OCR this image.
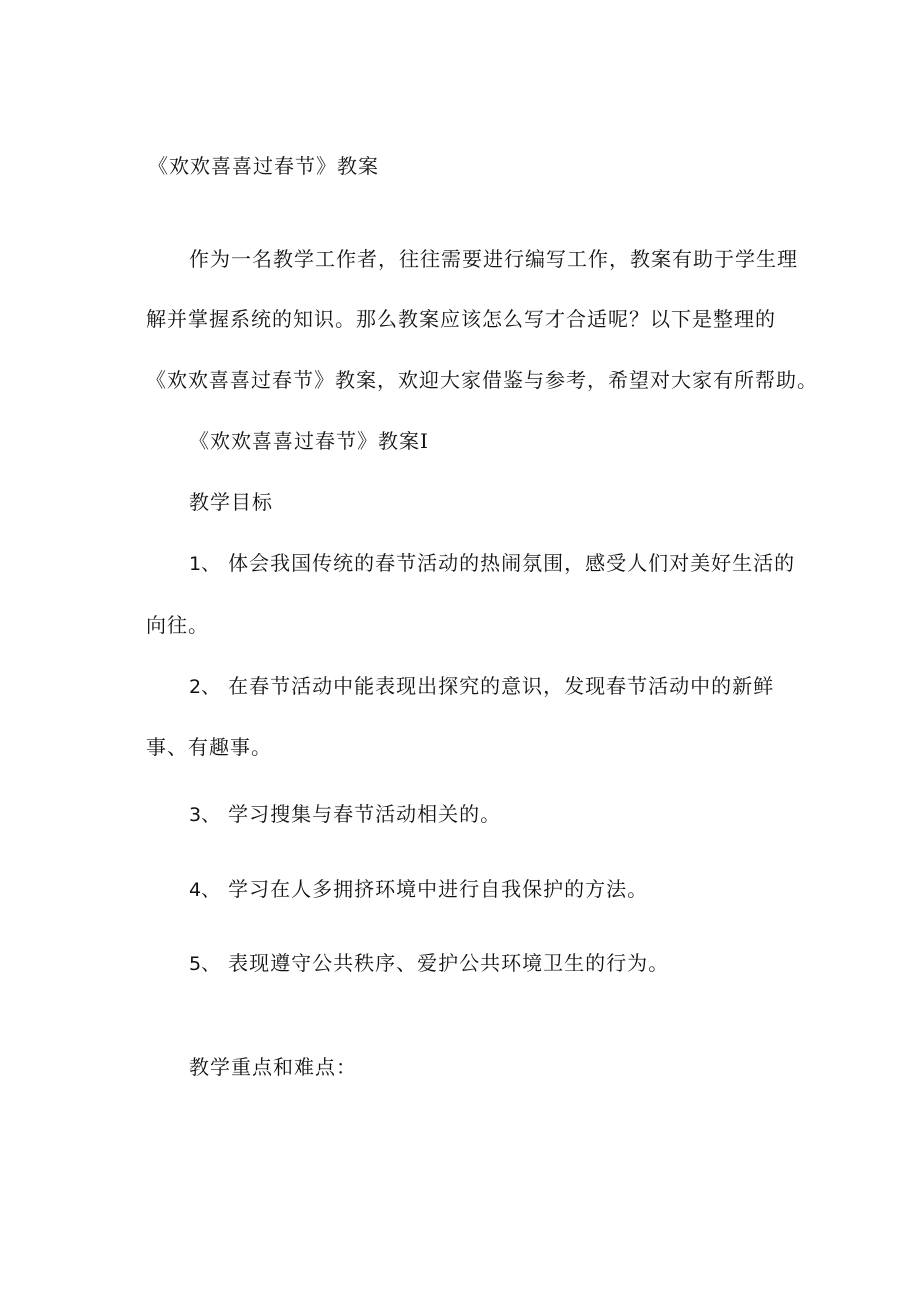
《欢欢喜喜过春节》教案
作为一名教学工作者，往往需要进行编写工作，教案有助于学生理
解并掌握系统的知识。那么教案应该怎么写才合适呢？以下是整理的
《欢欢喜喜过春节》教案，欢迎大家借鉴与参考，希望对大家有所帮助。
《欢欢喜喜过春节》教案I
教学目标
1、 体会我国传统的春节活动的热闹氛围，感受人们对美好生活的
向往。
2、 在春节活动中能表现出探究的意识，发现春节活动中的新鲜
事、有趣事。
3、 学习搜集与春节活动相关的。
4、 学习在人多拥挤环境中进行自我保护的方法。
5、 表现遵守公共秩序、爱护公共环境卫生的行为。
教学重点和难点：
